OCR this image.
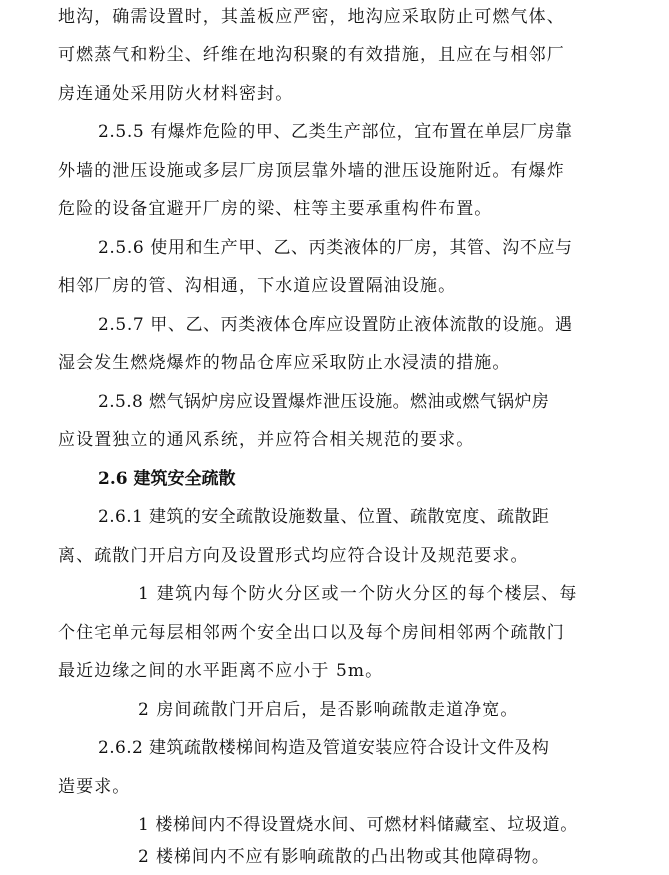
地沟，确需设置时，其盖板应严密，地沟应采取防止可燃气体、
可燃蒸气和粉尘、纤维在地沟积聚的有效措施，且应在与相邻厂
房连通处采用防火材料密封。
2.5.5 有爆炸危险的甲、乙类生产部位，宜布置在单层厂房靠
外墙的泄压设施或多层厂房顶层靠外墙的泄压设施附近。有爆炸
危险的设备宜避开厂房的梁、柱等主要承重构件布置。
2.5.6 使用和生产甲、乙、丙类液体的厂房，其管、沟不应与
相邻厂房的管、沟相通，下水道应设置隔油设施。
2.5.7 甲、乙、丙类液体仓库应设置防止液体流散的设施。遇
湿会发生燃烧爆炸的物品仓库应采取防止水浸渍的措施。
2.5.8 燃气锅炉房应设置爆炸泄压设施。燃油或燃气锅炉房
应设置独立的通风系统，并应符合相关规范的要求。
2.6 建筑安全疏散
2.6.1 建筑的安全疏散设施数量、位置、疏散宽度、疏散距
离、疏散门开启方向及设置形式均应符合设计及规范要求。
1 建筑内每个防火分区或一个防火分区的每个楼层、每
个住宅单元每层相邻两个安全出口以及每个房间相邻两个疏散门
最近边缘之间的水平距离不应小于 5m。
2 房间疏散门开启后，是否影响疏散走道净宽。
2.6.2 建筑疏散楼梯间构造及管道安装应符合设计文件及构
造要求。
1 楼梯间内不得设置烧水间、可燃材料储藏室、垃圾道。
2 楼梯间内不应有影响疏散的凸出物或其他障碍物。
